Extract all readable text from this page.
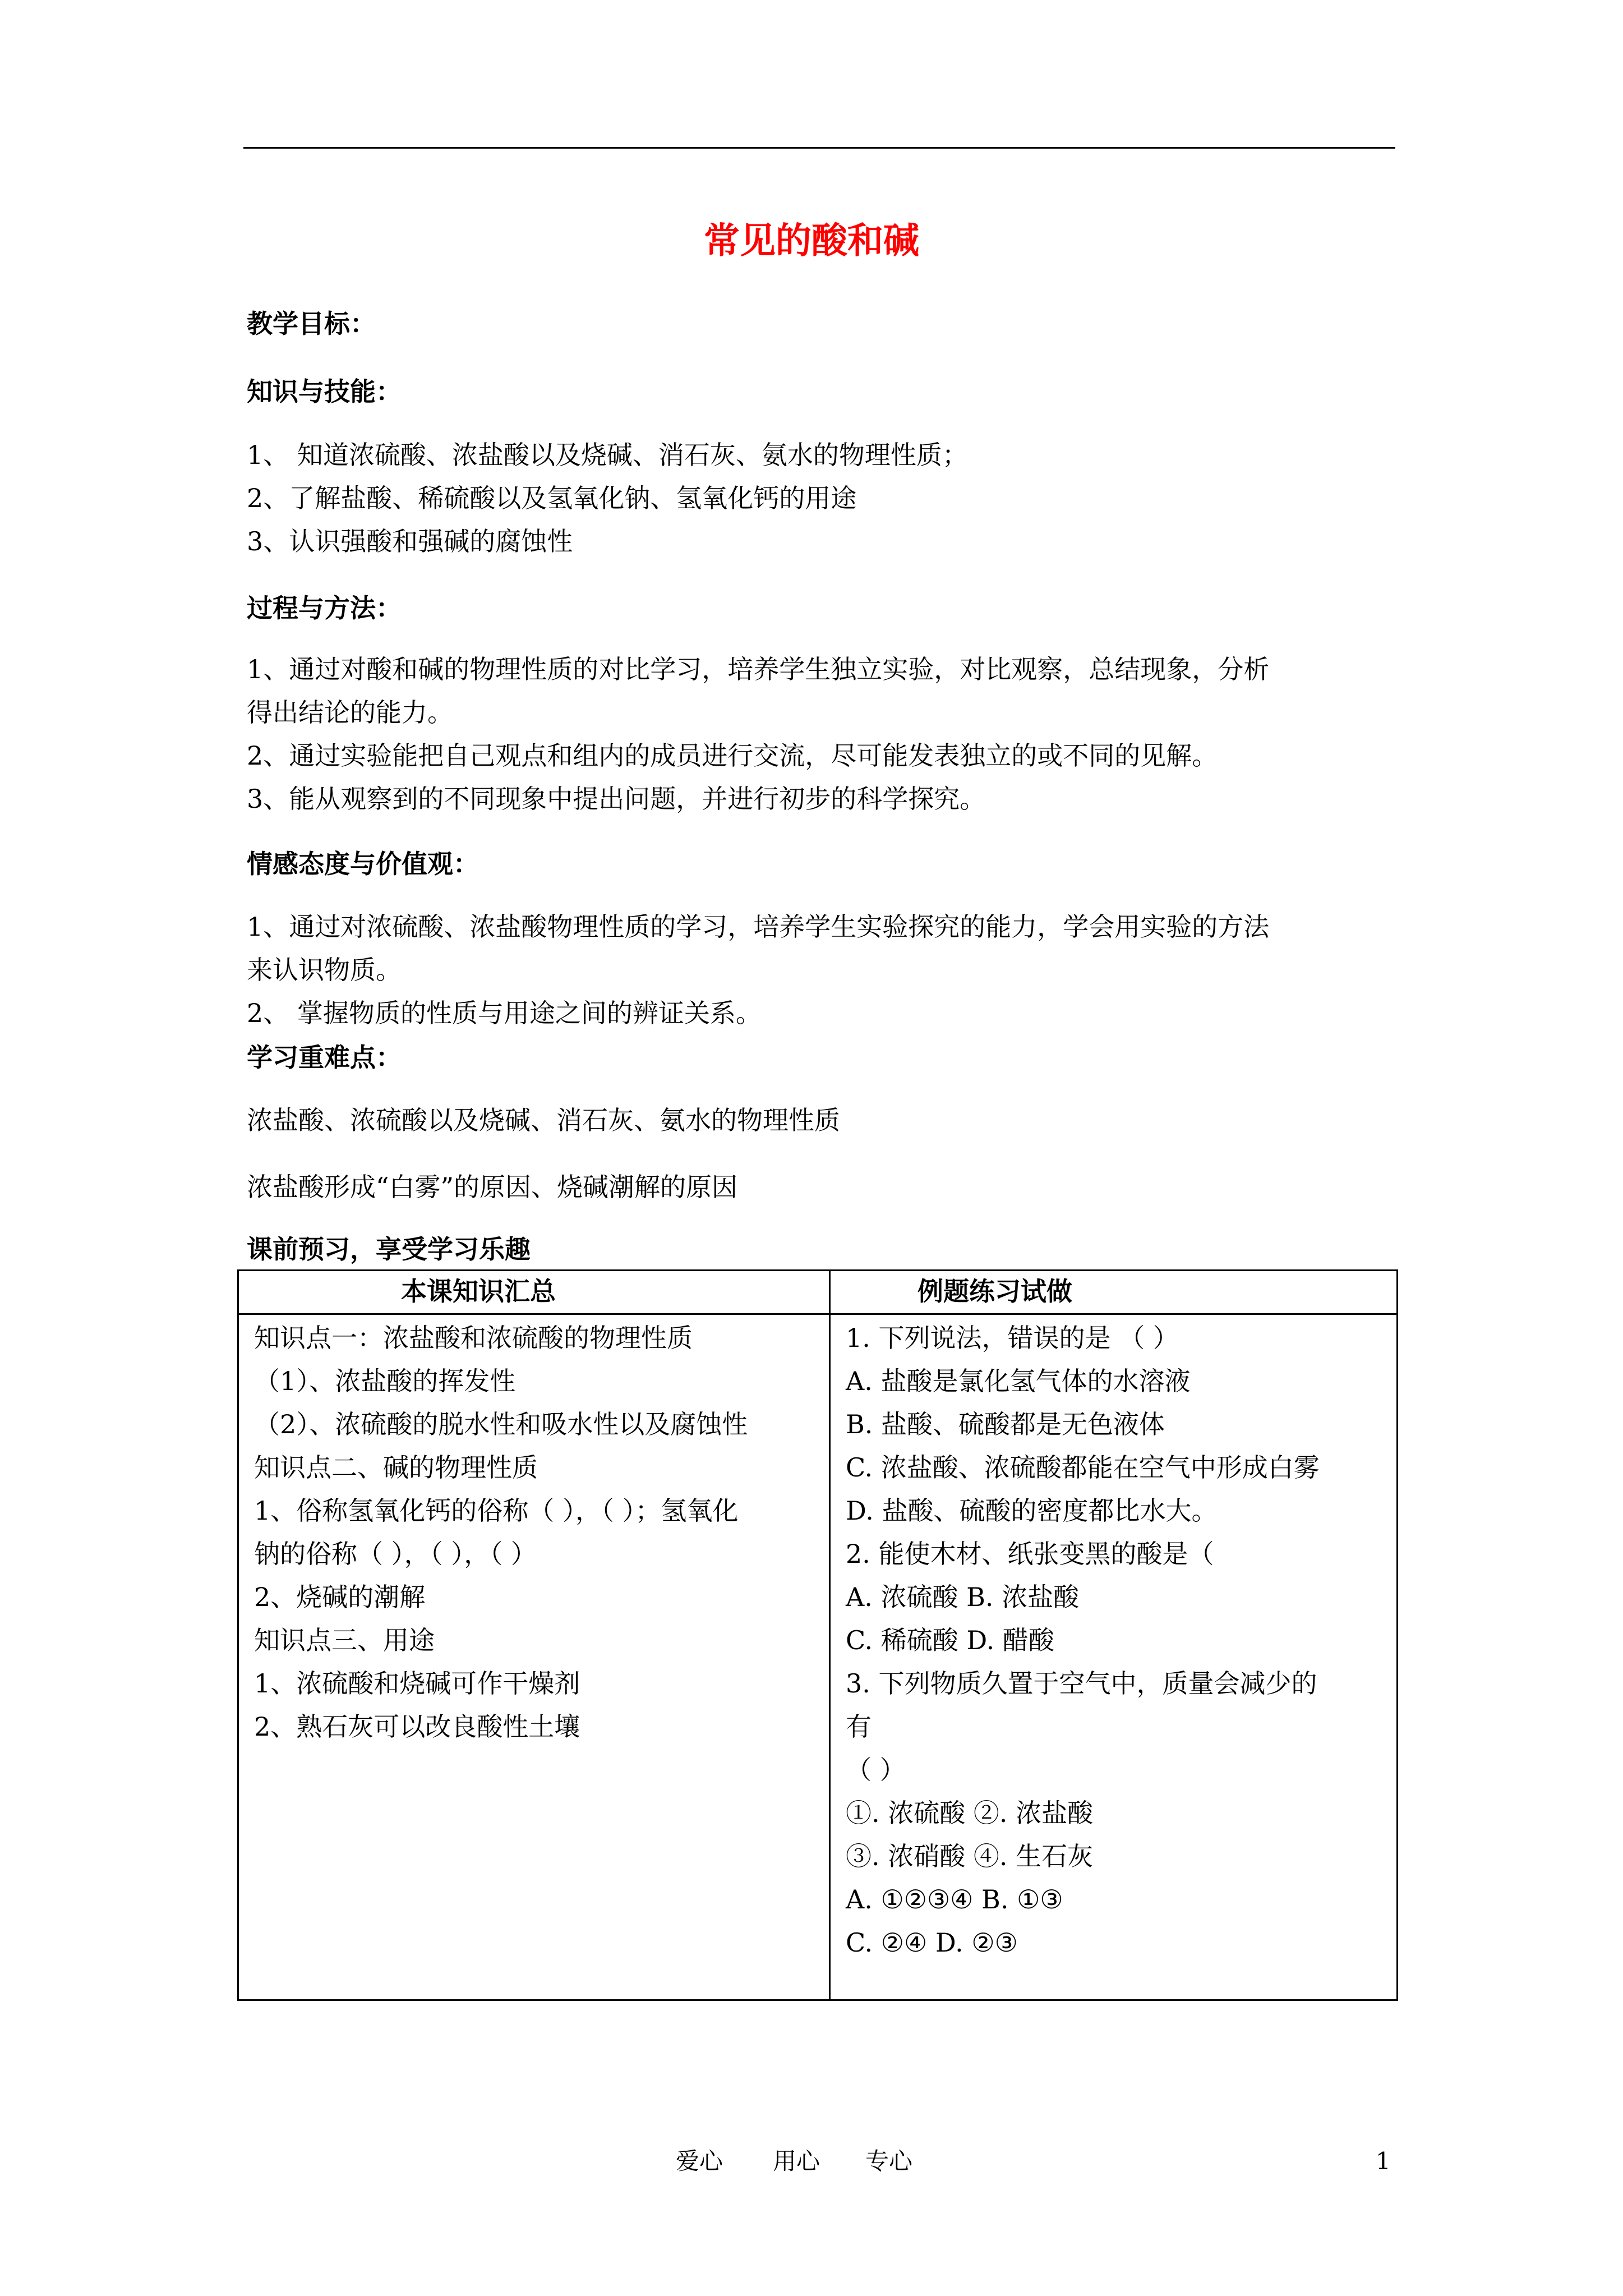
常见的酸和碱
教学目标：
知识与技能：
1、 知道浓硫酸、浓盐酸以及烧碱、消石灰、氨水的物理性质；
2、了解盐酸、稀硫酸以及氢氧化钠、氢氧化钙的用途
3、认识强酸和强碱的腐蚀性
过程与方法：
1、通过对酸和碱的物理性质的对比学习，培养学生独立实验，对比观察，总结现象，分析
得出结论的能力。
2、通过实验能把自己观点和组内的成员进行交流，尽可能发表独立的或不同的见解。
3、能从观察到的不同现象中提出问题，并进行初步的科学探究。
情感态度与价值观：
1、通过对浓硫酸、浓盐酸物理性质的学习，培养学生实验探究的能力，学会用实验的方法
来认识物质。
2、 掌握物质的性质与用途之间的辨证关系。
学习重难点：
浓盐酸、浓硫酸以及烧碱、消石灰、氨水的物理性质
浓盐酸形成“白雾”的原因、烧碱潮解的原因
课前预习，享受学习乐趣
本课知识汇总	例题练习试做
知识点一：浓盐酸和浓硫酸的物理性质
（1）、浓盐酸的挥发性
（2）、浓硫酸的脱水性和吸水性以及腐蚀性
知识点二、碱的物理性质
1、俗称氢氧化钙的俗称（ ），（ ）；氢氧化
钠的俗称（ ），（ ），（ ）
2、烧碱的潮解
知识点三、用途
1、浓硫酸和烧碱可作干燥剂
2、熟石灰可以改良酸性土壤
1. 下列说法，错误的是 （ ）
A. 盐酸是氯化氢气体的水溶液
B. 盐酸、硫酸都是无色液体
C. 浓盐酸、浓硫酸都能在空气中形成白雾
D. 盐酸、硫酸的密度都比水大。
2. 能使木材、纸张变黑的酸是（
A. 浓硫酸 B. 浓盐酸
C. 稀硫酸 D. 醋酸
3. 下列物质久置于空气中，质量会减少的
有
（ ）
①. 浓硫酸 ②. 浓盐酸
③. 浓硝酸 ④. 生石灰
A. ①②③④ B. ①③
C. ②④ D. ②③
爱心 用心 专心	1
